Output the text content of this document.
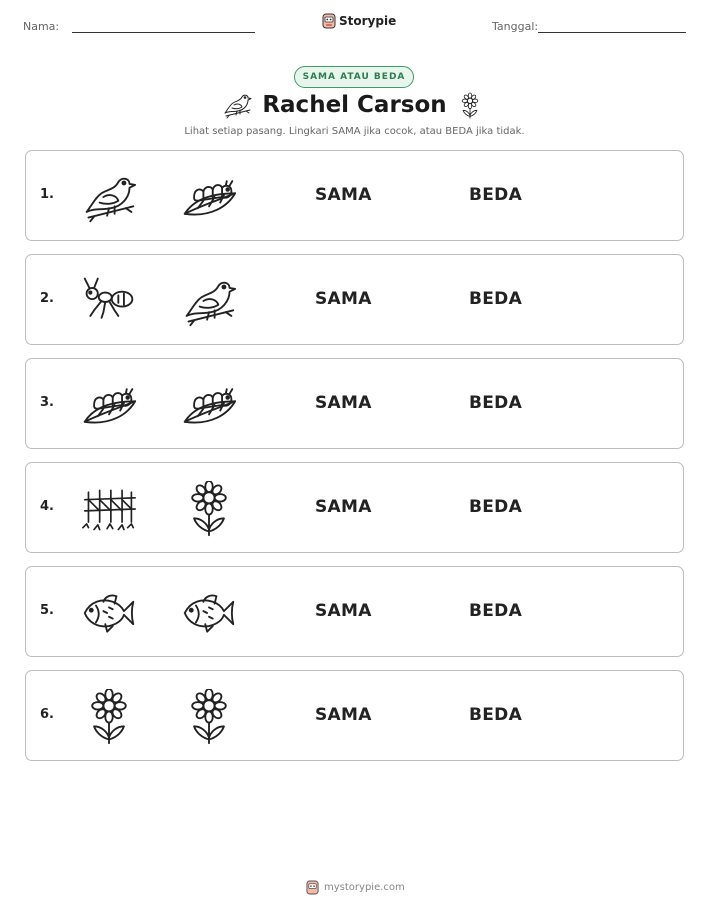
Nama:	Storypie	Tanggal:
SAMA ATAU BEDA
Rachel Carson
Lihat setiap pasang. Lingkari SAMA jika cocok, atau BEDA jika tidak.
1.	SAMA	BEDA
2.	SAMA	BEDA
3.	SAMA	BEDA
4.	SAMA	BEDA
5.	SAMA	BEDA
6.	SAMA	BEDA
mystorypie.com
